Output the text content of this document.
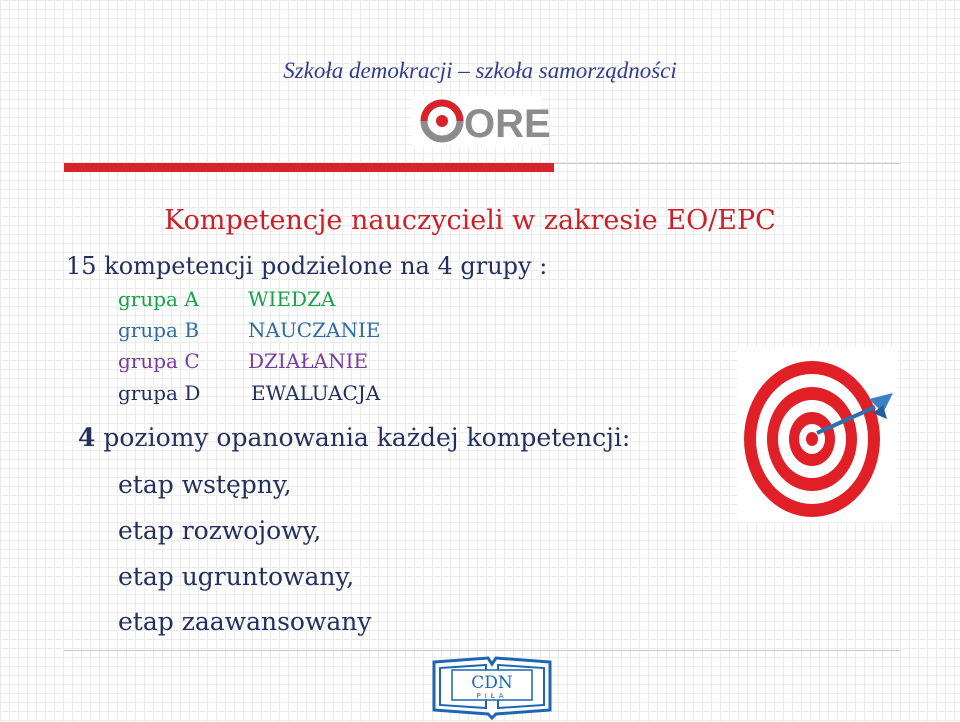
Szkoła demokracji – szkoła samorządności
ORE
Kompetencje nauczycieli w zakresie EO/EPC
15 kompetencji podzielone na 4 grupy :
grupa A WIEDZA
grupa B NAUCZANIE
grupa C DZIAŁANIE
grupa D	EWALUACJA
4 poziomy opanowania każdej kompetencji:
etap wstępny,
etap rozwojowy,
etap ugruntowany,
etap zaawansowany
CDN
PIŁA
